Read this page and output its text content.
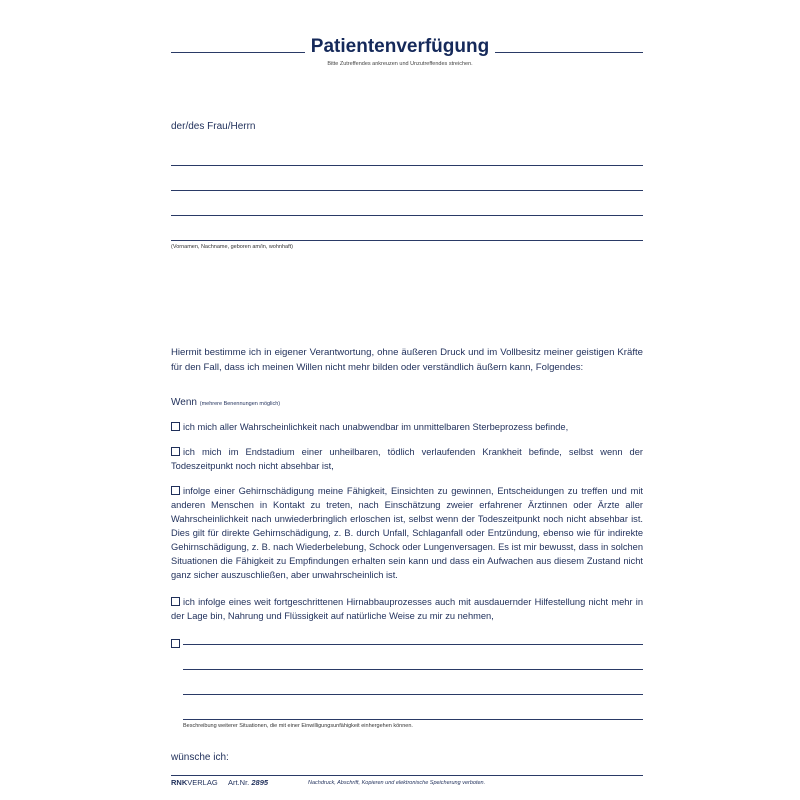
Patientenverfügung
Bitte Zutreffendes ankreuzen und Unzutreffendes streichen.
der/des Frau/Herrn
(Vornamen, Nachname, geboren am/in, wohnhaft)
Hiermit bestimme ich in eigener Verantwortung, ohne äußeren Druck und im Vollbesitz meiner geistigen Kräfte für den Fall, dass ich meinen Willen nicht mehr bilden oder verständlich äußern kann, Folgendes:
Wenn (mehrere Benennungen möglich)
ich mich aller Wahrscheinlichkeit nach unabwendbar im unmittelbaren Sterbeprozess befinde,
ich mich im Endstadium einer unheilbaren, tödlich verlaufenden Krankheit befinde, selbst wenn der Todeszeitpunkt noch nicht absehbar ist,
infolge einer Gehirnschädigung meine Fähigkeit, Einsichten zu gewinnen, Entscheidungen zu treffen und mit anderen Menschen in Kontakt zu treten, nach Einschätzung zweier erfahrener Ärztinnen oder Ärzte aller Wahrscheinlichkeit nach unwiederbringlich erloschen ist, selbst wenn der Todeszeitpunkt noch nicht absehbar ist. Dies gilt für direkte Gehirnschädigung, z. B. durch Unfall, Schlaganfall oder Entzündung, ebenso wie für indirekte Gehirnschädigung, z. B. nach Wiederbelebung, Schock oder Lungenversagen. Es ist mir bewusst, dass in solchen Situationen die Fähigkeit zu Empfindungen erhalten sein kann und dass ein Aufwachen aus diesem Zustand nicht ganz sicher auszuschließen, aber unwahrscheinlich ist.
ich infolge eines weit fortgeschrittenen Hirnabbauprozesses auch mit ausdauernder Hilfestellung nicht mehr in der Lage bin, Nahrung und Flüssigkeit auf natürliche Weise zu mir zu nehmen,
Beschreibung weiterer Situationen, die mit einer Einwilligungsunfähigkeit einhergehen können.
wünsche ich:
RNKVERLAG Art.Nr. 2895	Nachdruck, Abschrift, Kopieren und elektronische Speicherung verboten.
